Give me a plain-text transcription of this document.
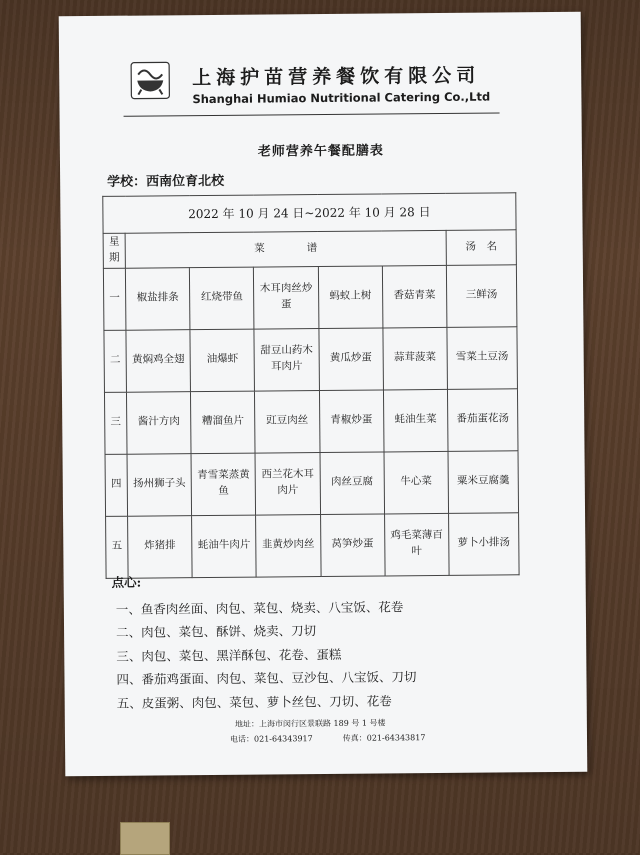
上海护苗营养餐饮有限公司
Shanghai Humiao Nutritional Catering Co.,Ltd
老师营养午餐配膳表
学校：西南位育北校
2022 年 10 月 24 日~2022 年 10 月 28 日						
星期	菜　　　　谱					汤　名
一	椒盐排条	红烧带鱼	木耳肉丝炒蛋	蚂蚁上树	香菇青菜	三鲜汤
二	黄焖鸡全翅	油爆虾	甜豆山药木耳肉片	黄瓜炒蛋	蒜茸菠菜	雪菜土豆汤
三	酱汁方肉	糟溜鱼片	豇豆肉丝	青椒炒蛋	蚝油生菜	番茄蛋花汤
四	扬州狮子头	青雪菜蒸黄鱼	西兰花木耳肉片	肉丝豆腐	牛心菜	粟米豆腐羹
五	炸猪排	蚝油牛肉片	韭黄炒肉丝	莴笋炒蛋	鸡毛菜薄百叶	萝卜小排汤
点心:
一、鱼香肉丝面、肉包、菜包、烧卖、八宝饭、花卷
二、肉包、菜包、酥饼、烧卖、刀切
三、肉包、菜包、黑洋酥包、花卷、蛋糕
四、番茄鸡蛋面、肉包、菜包、豆沙包、八宝饭、刀切
五、皮蛋粥、肉包、菜包、萝卜丝包、刀切、花卷
地址：上海市闵行区景联路 189 号 1 号楼
电话：021-64343917	传真：021-64343817
